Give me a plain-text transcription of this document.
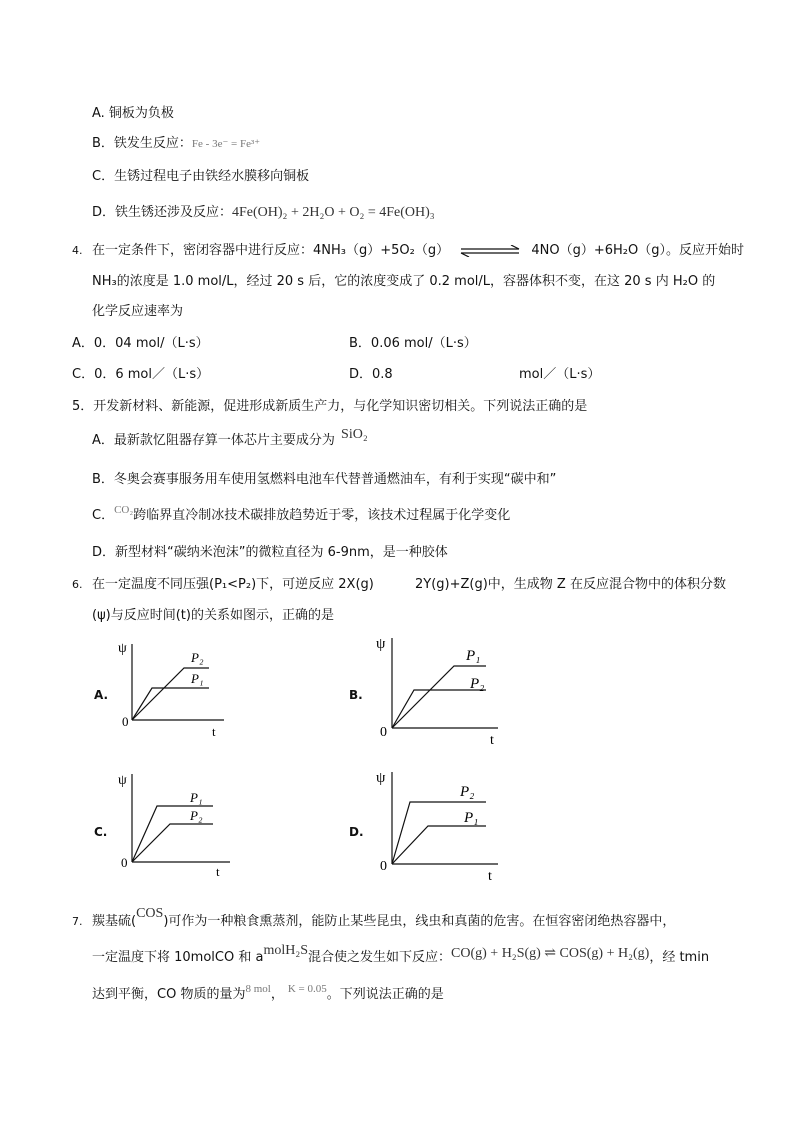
A. 铜板为负极
B．铁发生反应：Fe - 3e⁻ = Fe³⁺
C．生锈过程电子由铁经水膜移向铜板
D．铁生锈还涉及反应：4Fe(OH)₂ + 2H₂O + O₂ = 4Fe(OH)₃
4. 在一定条件下，密闭容器中进行反应：4NH₃（g）+5O₂（g）	4NO（g）+6H₂O（g）。反应开始时
NH₃的浓度是 1.0 mol/L，经过 20 s 后，它的浓度变成了 0.2 mol/L，容器体积不变，在这 20 s 内 H₂O 的
化学反应速率为
A．0．04 mol/（L·s）	B．0.06 mol/（L·s）
C．0．6 mol／（L·s）	D．0.8	mol／（L·s）
5．开发新材料、新能源，促进形成新质生产力，与化学知识密切相关。下列说法正确的是
A．最新款忆阻器存算一体芯片主要成分为 SiO₂
B．冬奥会赛事服务用车使用氢燃料电池车代替普通燃油车，有利于实现“碳中和”
C．$^{CO_2}$跨临界直冷制冰技术碳排放趋势近于零，该技术过程属于化学变化
D．新型材料“碳纳米泡沫”的微粒直径为 6-9nm，是一种胶体
6. 在一定温度不同压强(P₁<P₂)下，可逆反应 2X(g)	2Y(g)+Z(g)中，生成物 Z 在反应混合物中的体积分数
(ψ)与反应时间(t)的关系如图示，正确的是
A.	B.
C.	D.
ψ
t
0
P₂
P₁
ψ
t
0
P₁
P₂
ψ
t
0
P₁
P₂
ψ
t
0
P₂
P₁
7. 羰基硫(COS)可作为一种粮食熏蒸剂，能防止某些昆虫，线虫和真菌的危害。在恒容密闭绝热容器中，
一定温度下将 10molCO 和 amolH₂S混合使之发生如下反应：CO(g) + H₂S(g) ⇌ COS(g) + H₂(g)，经 tmin
达到平衡，CO 物质的量为$^{8 mol}$， $^{K = 0.05}$。下列说法正确的是
